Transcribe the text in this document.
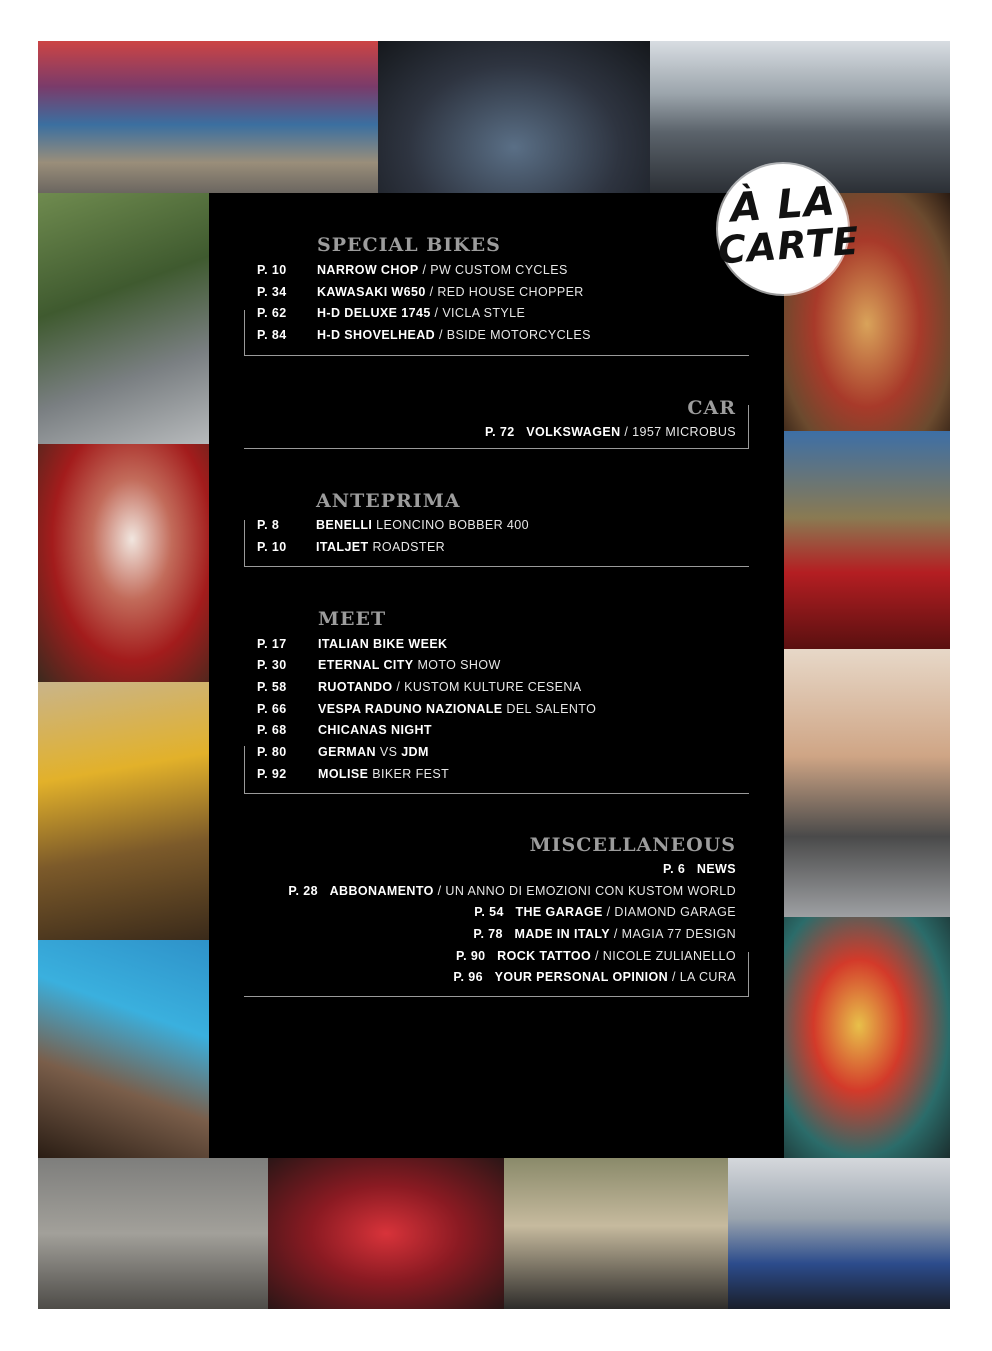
À LA
CARTE
SPECIAL BIKES
P. 10 NARROW CHOP / PW CUSTOM CYCLES
P. 34 KAWASAKI W650 / RED HOUSE CHOPPER
P. 62 H-D DELUXE 1745 / VICLA STYLE
P. 84 H-D SHOVELHEAD / BSIDE MOTORCYCLES
CAR
P. 72 VOLKSWAGEN / 1957 MICROBUS
ANTEPRIMA
P. 8	BENELLI LEONCINO BOBBER 400
P. 10 ITALJET ROADSTER
MEET
P. 17	ITALIAN BIKE WEEK
P. 30	ETERNAL CITY MOTO SHOW
P. 58	RUOTANDO / KUSTOM KULTURE CESENA
P. 66	VESPA RADUNO NAZIONALE DEL SALENTO
P. 68	CHICANAS NIGHT
P. 80	GERMAN VS JDM
P. 92	MOLISE BIKER FEST
MISCELLANEOUS
P. 6 NEWS
P. 28 ABBONAMENTO / UN ANNO DI EMOZIONI CON KUSTOM WORLD
P. 54 THE GARAGE / DIAMOND GARAGE
P. 78 MADE IN ITALY / MAGIA 77 DESIGN
P. 90 ROCK TATTOO / NICOLE ZULIANELLO
P. 96 YOUR PERSONAL OPINION / LA CURA
